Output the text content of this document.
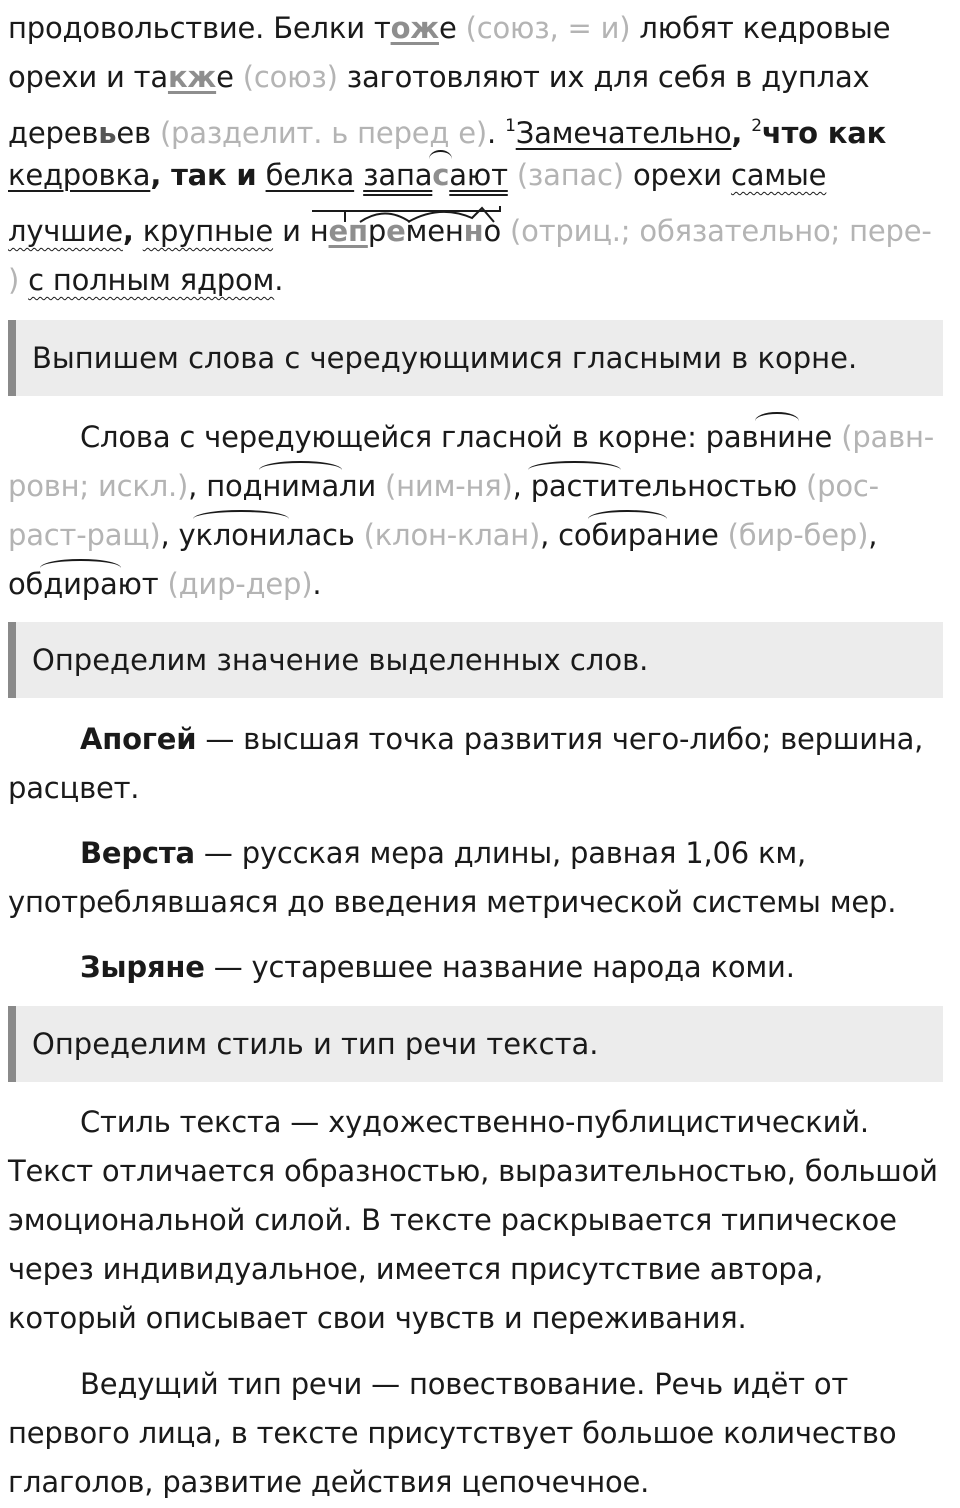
продовольствие. Белки тоже (союз, = и) любят кедровые
орехи и также (союз) заготовляют их для себя в дуплах
деревьев (разделит. ь перед е). $^1$Замечательно, $^2$что как
кедровка, так и белка запасают (запас) орехи самые
лучшие, крупные и непременно (отриц.; обязательно; пере-
) с полным ядром.
Выпишем слова с чередующимися гласными в корне.
Слова с чередующейся гласной в корне: равнине (равн-
ровн; искл.), поднимали (ним-ня), растительностью (рос-
раст-ращ), уклонилась (клон-клан), собирание (бир-бер),
обдирают (дир-дер).
Определим значение выделенных слов.
Апогей — высшая точка развития чего-либо; вершина,
расцвет.
Верста — русская мера длины, равная 1,06 км,
употреблявшаяся до введения метрической системы мер.
Зыряне — устаревшее название народа коми.
Определим стиль и тип речи текста.
Стиль текста — художественно-публицистический.
Текст отличается образностью, выразительностью, большой
эмоциональной силой. В тексте раскрывается типическое
через индивидуальное, имеется присутствие автора,
который описывает свои чувств и переживания.
Ведущий тип речи — повествование. Речь идёт от
первого лица, в тексте присутствует большое количество
глаголов, развитие действия цепочечное.
